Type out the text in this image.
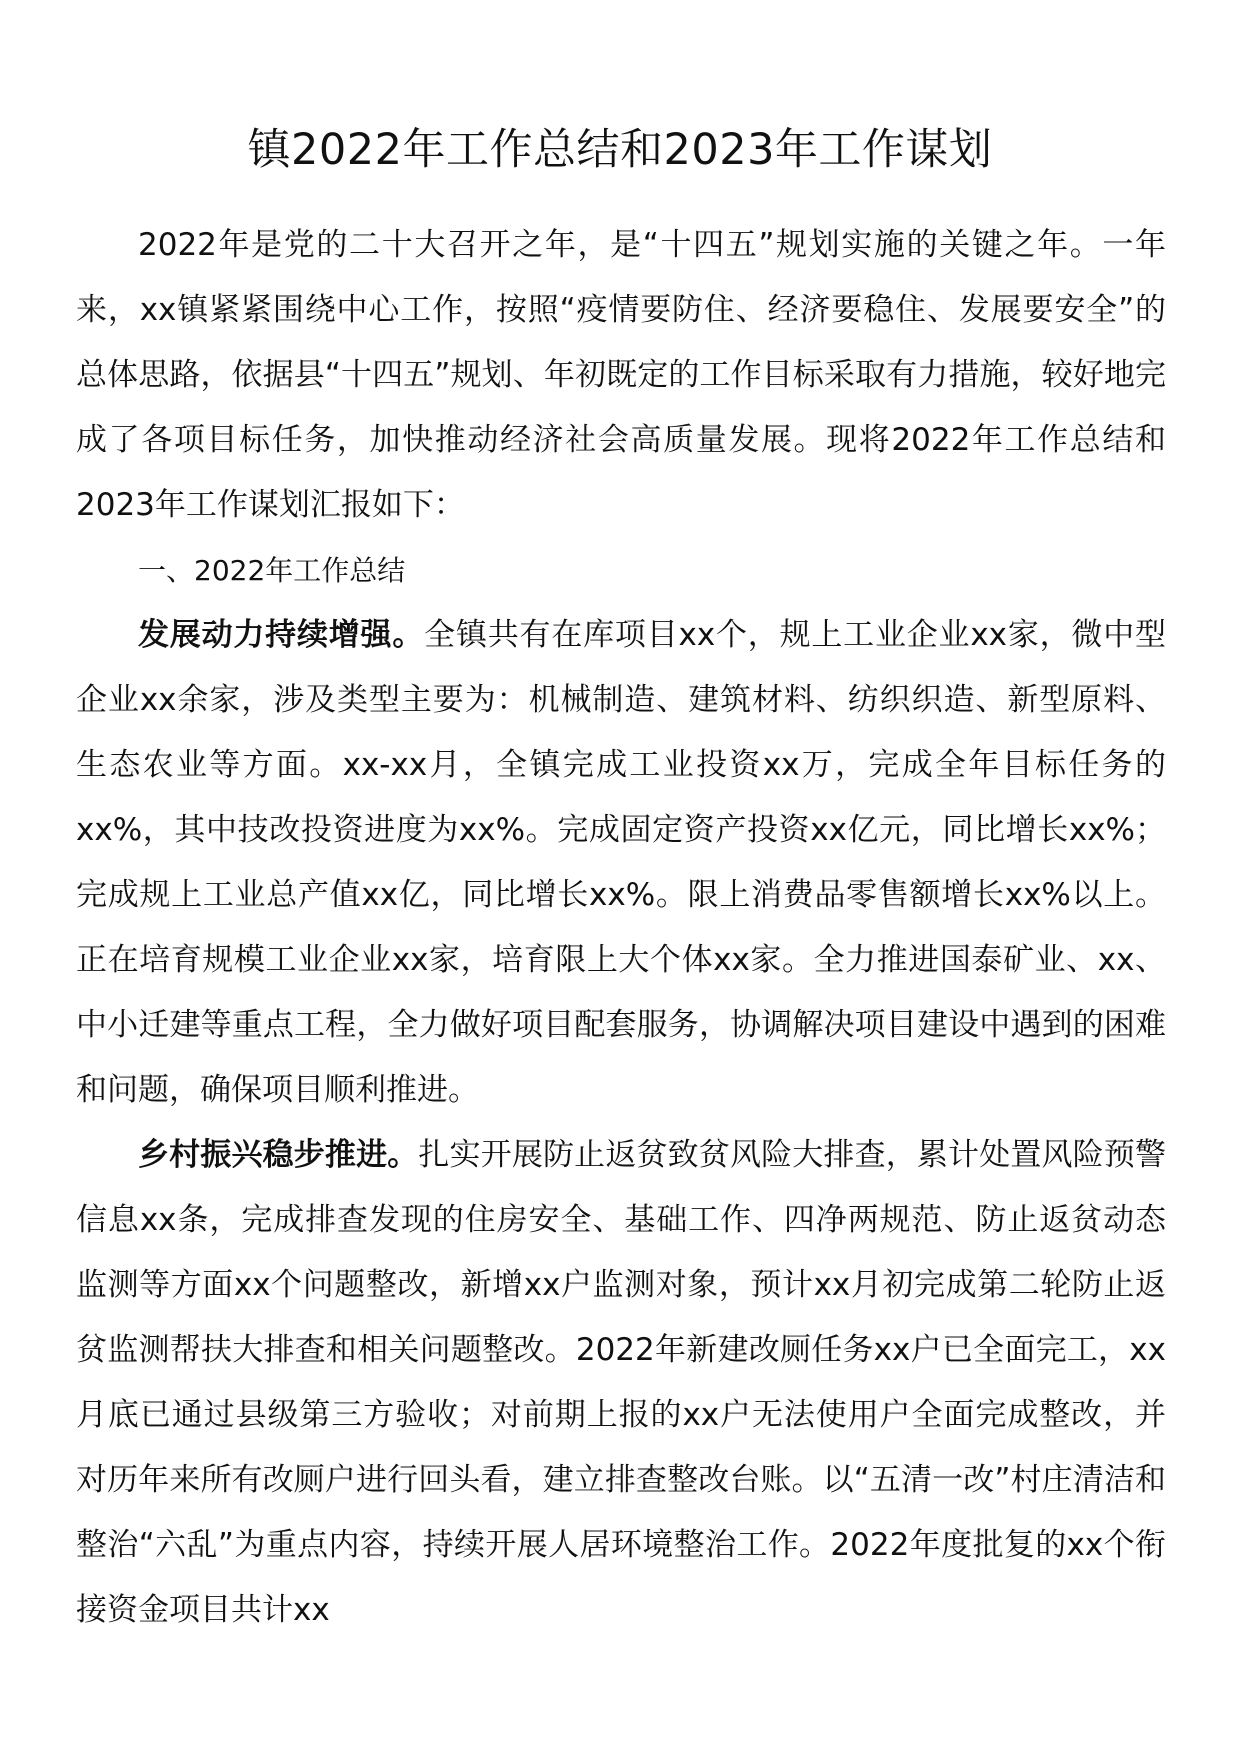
镇2022年工作总结和2023年工作谋划

2022年是党的二十大召开之年，是“十四五”规划实施的关键之年。一年来，xx镇紧紧围绕中心工作，按照“疫情要防住、经济要稳住、发展要安全”的总体思路，依据县“十四五”规划、年初既定的工作目标采取有力措施，较好地完成了各项目标任务，加快推动经济社会高质量发展。现将2022年工作总结和2023年工作谋划汇报如下：

一、2022年工作总结

发展动力持续增强。全镇共有在库项目xx个，规上工业企业xx家，微中型企业xx余家，涉及类型主要为：机械制造、建筑材料、纺织织造、新型原料、生态农业等方面。xx-xx月，全镇完成工业投资xx万，完成全年目标任务的xx%，其中技改投资进度为xx%。完成固定资产投资xx亿元，同比增长xx%；完成规上工业总产值xx亿，同比增长xx%。限上消费品零售额增长xx%以上。正在培育规模工业企业xx家，培育限上大个体xx家。全力推进国泰矿业、xx、中小迁建等重点工程，全力做好项目配套服务，协调解决项目建设中遇到的困难和问题，确保项目顺利推进。

乡村振兴稳步推进。扎实开展防止返贫致贫风险大排查，累计处置风险预警信息xx条，完成排查发现的住房安全、基础工作、四净两规范、防止返贫动态监测等方面xx个问题整改，新增xx户监测对象，预计xx月初完成第二轮防止返贫监测帮扶大排查和相关问题整改。2022年新建改厕任务xx户已全面完工，xx月底已通过县级第三方验收；对前期上报的xx户无法使用户全面完成整改，并对历年来所有改厕户进行回头看，建立排查整改台账。以“五清一改”村庄清洁和整治“六乱”为重点内容，持续开展人居环境整治工作。2022年度批复的xx个衔接资金项目共计xx
